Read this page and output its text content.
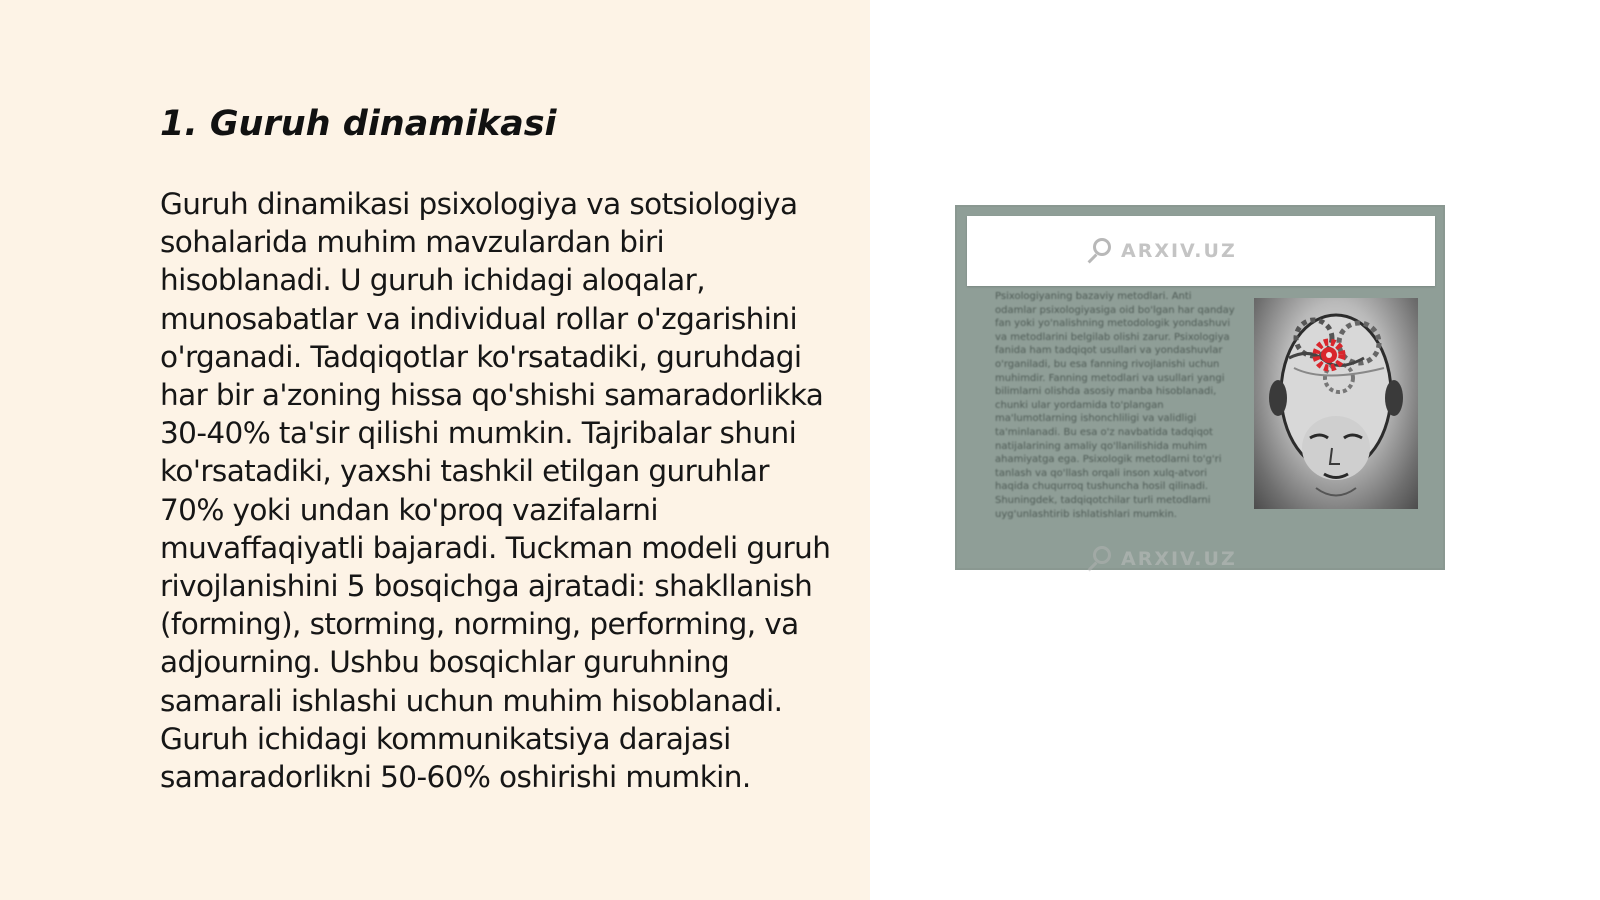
1. Guruh dinamikasi

Guruh dinamikasi psixologiya va sotsiologiya sohalarida muhim mavzulardan biri hisoblanadi. U guruh ichidagi aloqalar, munosabatlar va individual rollar o'zgarishini o'rganadi. Tadqiqotlar ko'rsatadiki, guruhdagi har bir a'zoning hissa qo'shishi samaradorlikka 30-40% ta'sir qilishi mumkin. Tajribalar shuni ko'rsatadiki, yaxshi tashkil etilgan guruhlar 70% yoki undan ko'proq vazifalarni muvaffaqiyatli bajaradi. Tuckman modeli guruh rivojlanishini 5 bosqichga ajratadi: shakllanish (forming), storming, norming, performing, va adjourning. Ushbu bosqichlar guruhning samarali ishlashi uchun muhim hisoblanadi. Guruh ichidagi kommunikatsiya darajasi samaradorlikni 50-60% oshirishi mumkin.

ARXIV.UZ
Psixologiyaning bazaviy metodlari. Anti odamlar psixologiyasiga oid bo'lgan har qanday fan yoki yo'nalishning metodologik yondashuvi va metodlarini belgilab olishi zarur. Psixologiya fanida ham tadqiqot usullari va yondashuvlar o'rganiladi, bu esa fanning rivojlanishi uchun muhimdir. Fanning metodlari va usullari yangi bilimlarni olishda asosiy manba hisoblanadi, chunki ular yordamida to'plangan ma'lumotlarning ishonchliligi va validligi ta'minlanadi. Bu esa o'z navbatida tadqiqot natijalarining amaliy qo'llanilishida muhim ahamiyatga ega. Psixologik metodlarni to'g'ri tanlash va qo'llash orqali inson xulq-atvori haqida chuqurroq tushuncha hosil qilinadi. Shuningdek, tadqiqotchilar turli metodlarni uyg'unlashtirib ishlatishlari mumkin.
ARXIV.UZ
